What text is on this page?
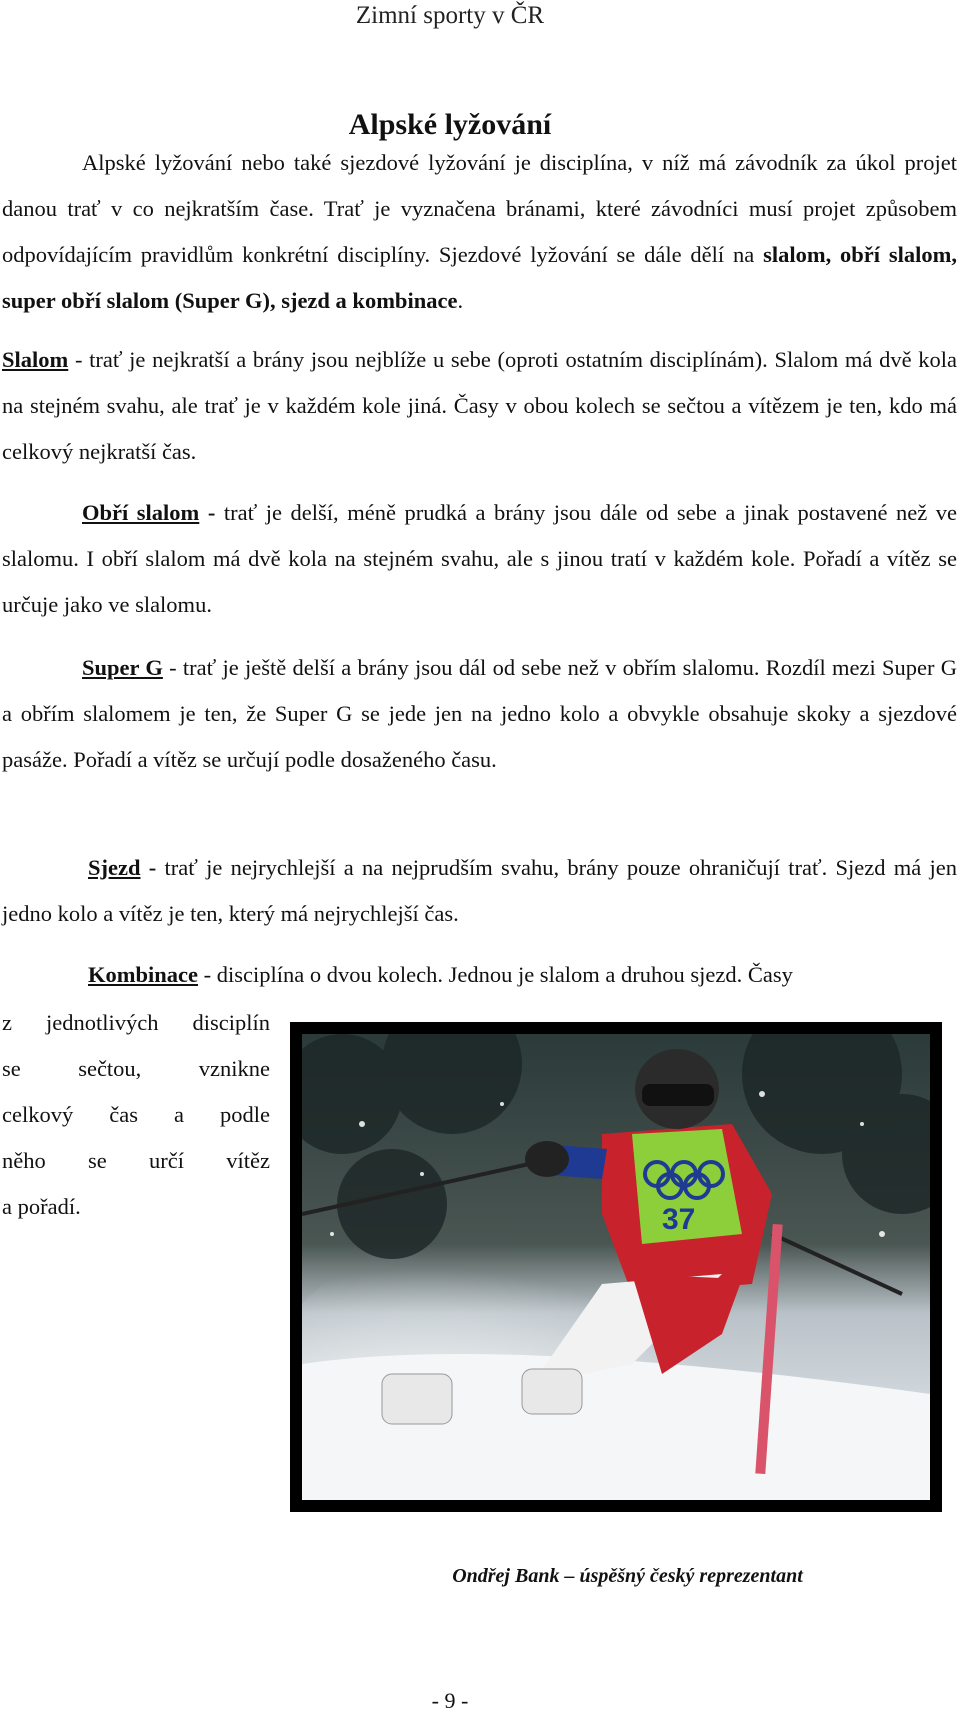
Zimní sporty v ČR
Alpské lyžování

Alpské lyžování nebo také sjezdové lyžování je disciplína, v níž má závodník za úkol projet danou trať v co nejkratším čase. Trať je vyznačena bránami, které závodníci musí projet způsobem odpovídajícím pravidlům konkrétní disciplíny. Sjezdové lyžování se dále dělí na slalom, obří slalom, super obří slalom (Super G), sjezd a kombinace.

Slalom - trať je nejkratší a brány jsou nejblíže u sebe (oproti ostatním disciplínám). Slalom má dvě kola na stejném svahu, ale trať je v každém kole jiná. Časy v obou kolech se sečtou a vítězem je ten, kdo má celkový nejkratší čas.

Obří slalom - trať je delší, méně prudká a brány jsou dále od sebe a jinak postavené než ve slalomu. I obří slalom má dvě kola na stejném svahu, ale s jinou tratí v každém kole. Pořadí a vítěz se určuje jako ve slalomu.

Super G - trať je ještě delší a brány jsou dál od sebe než v obřím slalomu. Rozdíl mezi Super G a obřím slalomem je ten, že Super G se jede jen na jedno kolo a obvykle obsahuje skoky a sjezdové pasáže. Pořadí a vítěz se určují podle dosaženého času.

Sjezd - trať je nejrychlejší a na nejprudším svahu, brány pouze ohraničují trať. Sjezd má jen jedno kolo a vítěz je ten, který má nejrychlejší čas.

Kombinace - disciplína o dvou kolech. Jednou je slalom a druhou sjezd. Časy

z jednotlivých disciplín
se sečtou, vznikne
celkový čas a podle
něho se určí vítěz
a pořadí.	37
Ondřej Bank – úspěšný český reprezentant
- 9 -
